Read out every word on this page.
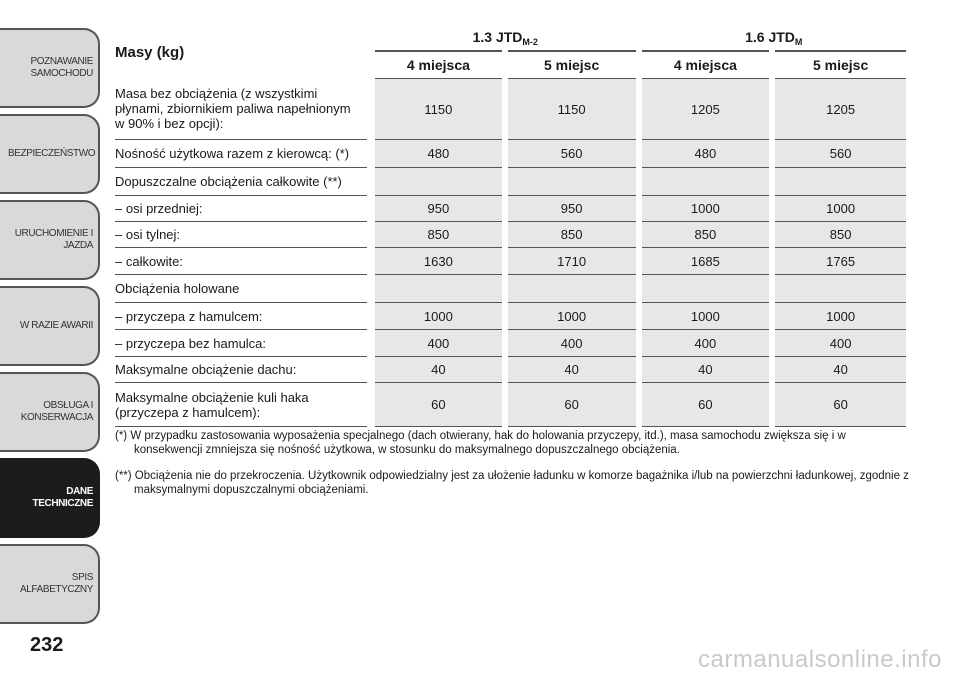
POZNAWANIE
SAMOCHODU
BEZPIECZEŃSTWO
URUCHOMIENIE I
JAZDA
W RAZIE AWARII
OBSŁUGA I
KONSERWACJA
DANE
TECHNICZNE
SPIS ALFABETYCZNY
232
carmanualsonline.info
Masy (kg)	1.3 $JTD_{M-2}$		1.6 $JTD_M$
	4 miejsca	5 miejsc	4 miejsca	5 miejsc
Masa bez obciążenia (z wszystkimi płynami, zbiornikiem paliwa napełnionym w 90% i bez opcji):	1150	1150	1205	1205
Nośność użytkowa razem z kierowcą: (*)	480	560	480	560
Dopuszczalne obciążenia całkowite (**)				
– osi przedniej:	950	950	1000	1000
– osi tylnej:	850	850	850	850
– całkowite:	1630	1710	1685	1765
Obciążenia holowane				
– przyczepa z hamulcem:	1000	1000	1000	1000
– przyczepa bez hamulca:	400	400	400	400
Maksymalne obciążenie dachu:	40	40	40	40
Maksymalne obciążenie kuli haka (przyczepa z hamulcem):	60	60	60	60

(*) W przypadku zastosowania wyposażenia specjalnego (dach otwierany, hak do holowania przyczepy, itd.), masa samochodu zwiększa się i w konsekwencji zmniejsza się nośność użytkowa, w stosunku do maksymalnego dopuszczalnego obciążenia.

(**) Obciążenia nie do przekroczenia. Użytkownik odpowiedzialny jest za ułożenie ładunku w komorze bagażnika i/lub na powierzchni ładunkowej, zgodnie z maksymalnymi dopuszczalnymi obciążeniami.
